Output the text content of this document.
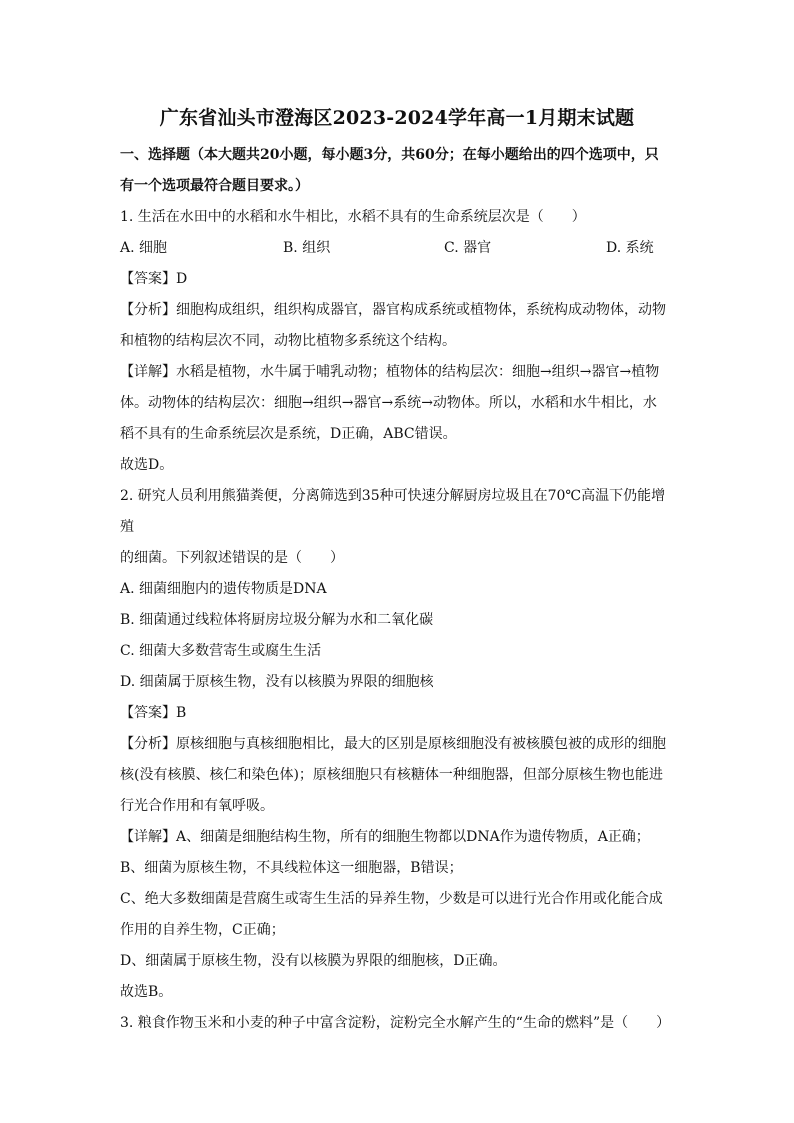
广东省汕头市澄海区2023-2024学年高一1月期末试题

一、选择题（本大题共20小题，每小题3分，共60分；在每小题给出的四个选项中，只

有一个选项最符合题目要求。）

1. 生活在水田中的水稻和水牛相比，水稻不具有的生命系统层次是（　　）

A. 细胞	B. 组织	C. 器官	D. 系统

【答案】D

【分析】细胞构成组织，组织构成器官，器官构成系统或植物体，系统构成动物体，动物

和植物的结构层次不同，动物比植物多系统这个结构。

【详解】水稻是植物，水牛属于哺乳动物；植物体的结构层次：细胞→组织→器官→植物

体。动物体的结构层次：细胞→组织→器官→系统→动物体。所以，水稻和水牛相比，水

稻不具有的生命系统层次是系统，D正确，ABC错误。

故选D。

2. 研究人员利用熊猫粪便，分离筛选到35种可快速分解厨房垃圾且在70℃高温下仍能增殖

的细菌。下列叙述错误的是（　　）

A. 细菌细胞内的遗传物质是DNA

B. 细菌通过线粒体将厨房垃圾分解为水和二氧化碳

C. 细菌大多数营寄生或腐生生活

D. 细菌属于原核生物，没有以核膜为界限的细胞核

【答案】B

【分析】原核细胞与真核细胞相比，最大的区别是原核细胞没有被核膜包被的成形的细胞

核(没有核膜、核仁和染色体)；原核细胞只有核糖体一种细胞器，但部分原核生物也能进

行光合作用和有氧呼吸。

【详解】A、细菌是细胞结构生物，所有的细胞生物都以DNA作为遗传物质，A正确；

B、细菌为原核生物，不具线粒体这一细胞器，B错误；

C、绝大多数细菌是营腐生或寄生生活的异养生物，少数是可以进行光合作用或化能合成

作用的自养生物，C正确；

D、细菌属于原核生物，没有以核膜为界限的细胞核，D正确。

故选B。

3. 粮食作物玉米和小麦的种子中富含淀粉，淀粉完全水解产生的“生命的燃料”是（　　）
